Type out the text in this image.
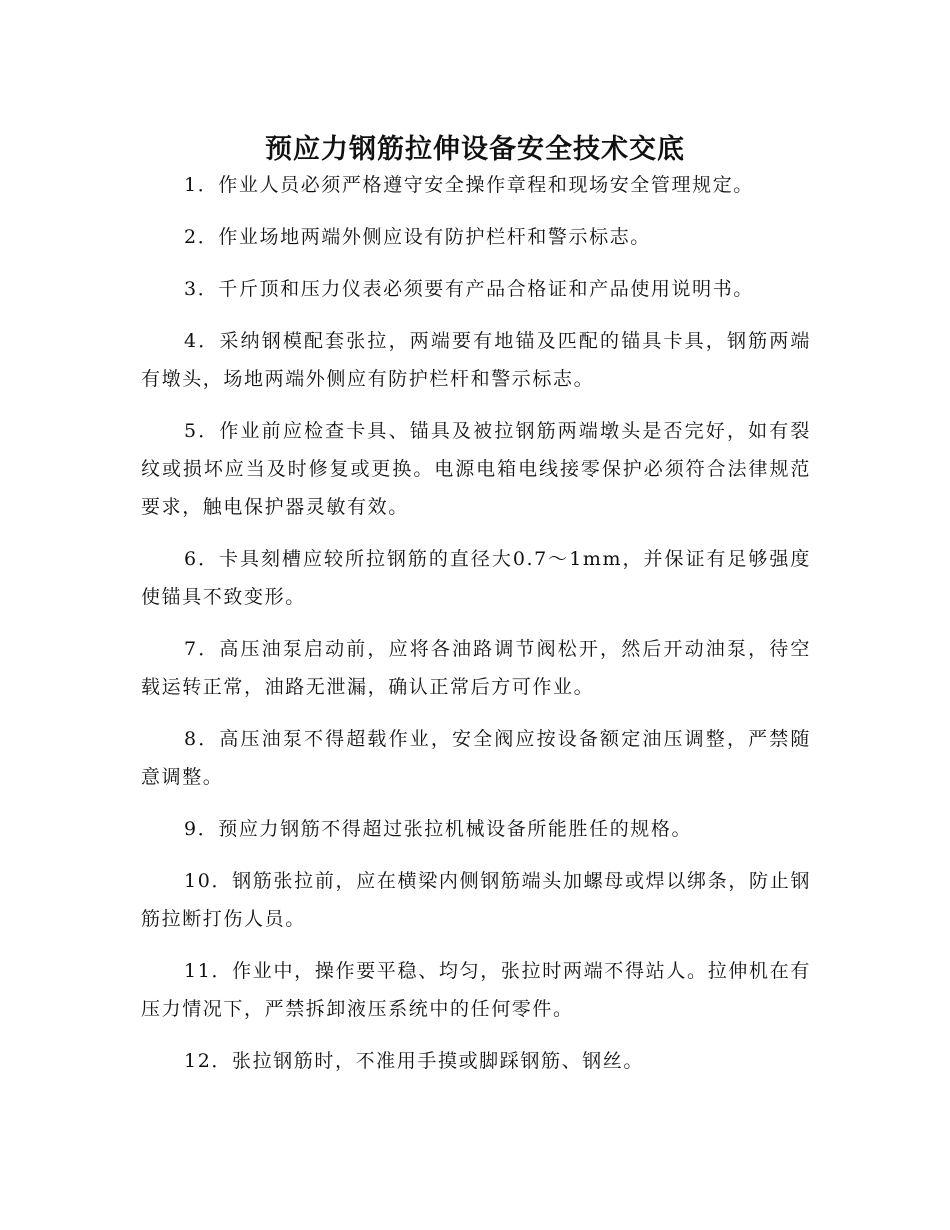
预应力钢筋拉伸设备安全技术交底

1．作业人员必须严格遵守安全操作章程和现场安全管理规定。

2．作业场地两端外侧应设有防护栏杆和警示标志。

3．千斤顶和压力仪表必须要有产品合格证和产品使用说明书。

4．采纳钢模配套张拉，两端要有地锚及匹配的锚具卡具，钢筋两端有墩头，场地两端外侧应有防护栏杆和警示标志。

5．作业前应检查卡具、锚具及被拉钢筋两端墩头是否完好，如有裂纹或损坏应当及时修复或更换。电源电箱电线接零保护必须符合法律规范要求，触电保护器灵敏有效。

6．卡具刻槽应较所拉钢筋的直径大0.7～1mm，并保证有足够强度使锚具不致变形。

7．高压油泵启动前，应将各油路调节阀松开，然后开动油泵，待空载运转正常，油路无泄漏，确认正常后方可作业。

8．高压油泵不得超载作业，安全阀应按设备额定油压调整，严禁随意调整。

9．预应力钢筋不得超过张拉机械设备所能胜任的规格。

10．钢筋张拉前，应在横梁内侧钢筋端头加螺母或焊以绑条，防止钢筋拉断打伤人员。

11．作业中，操作要平稳、均匀，张拉时两端不得站人。拉伸机在有压力情况下，严禁拆卸液压系统中的任何零件。

12．张拉钢筋时，不准用手摸或脚踩钢筋、钢丝。
